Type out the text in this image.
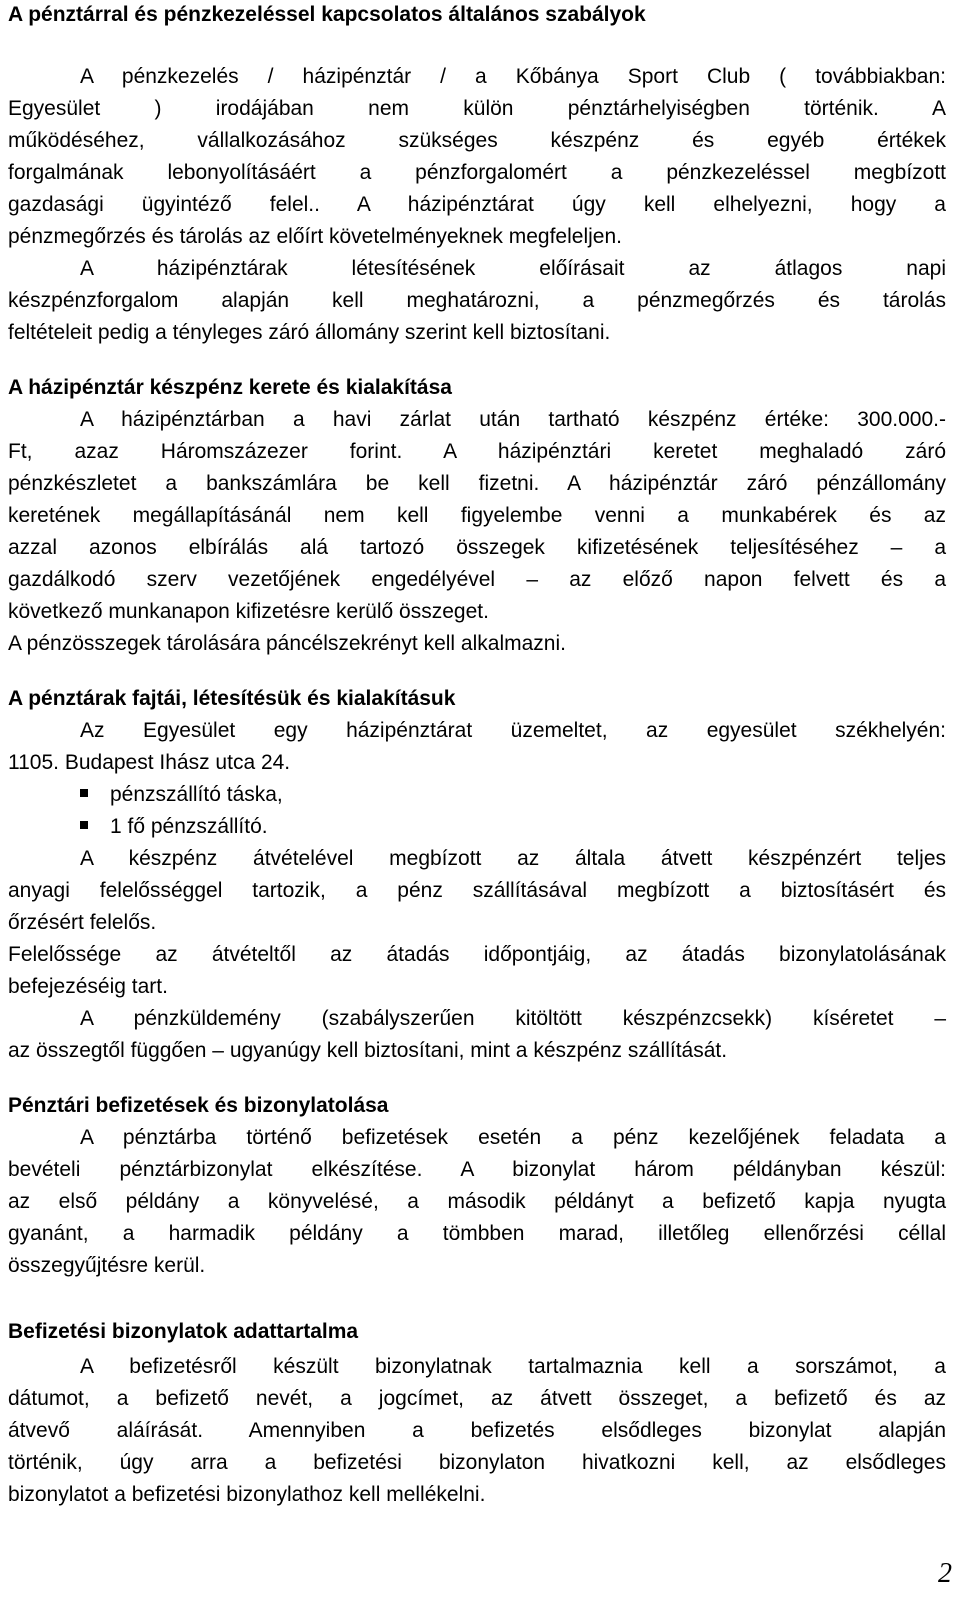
A pénztárral és pénzkezeléssel kapcsolatos általános szabályok
A pénzkezelés / házipénztár / a Kőbánya Sport Club ( továbbiakban:
Egyesület ) irodájában nem külön pénztárhelyiségben történik. A
működéséhez, vállalkozásához szükséges készpénz és egyéb értékek
forgalmának lebonyolításáért a pénzforgalomért a pénzkezeléssel megbízott
gazdasági ügyintéző felel.. A házipénztárat úgy kell elhelyezni, hogy a
pénzmegőrzés és tárolás az előírt követelményeknek megfeleljen.
A házipénztárak létesítésének előírásait az átlagos napi
készpénzforgalom alapján kell meghatározni, a pénzmegőrzés és tárolás
feltételeit pedig a tényleges záró állomány szerint kell biztosítani.
A házipénztár készpénz kerete és kialakítása
A házipénztárban a havi zárlat után tartható készpénz értéke: 300.000.-
Ft, azaz Háromszázezer forint. A házipénztári keretet meghaladó záró
pénzkészletet a bankszámlára be kell fizetni. A házipénztár záró pénzállomány
keretének megállapításánál nem kell figyelembe venni a munkabérek és az
azzal azonos elbírálás alá tartozó összegek kifizetésének teljesítéséhez – a
gazdálkodó szerv vezetőjének engedélyével – az előző napon felvett és a
következő munkanapon kifizetésre kerülő összeget.
A pénzösszegek tárolására páncélszekrényt kell alkalmazni.
A pénztárak fajtái, létesítésük és kialakításuk
Az Egyesület egy házipénztárat üzemeltet, az egyesület székhelyén:
1105. Budapest Ihász utca 24.
pénzszállító táska,
1 fő pénzszállító.
A készpénz átvételével megbízott az általa átvett készpénzért teljes
anyagi felelősséggel tartozik, a pénz szállításával megbízott a biztosításért és
őrzésért felelős.
Felelőssége az átvételtől az átadás időpontjáig, az átadás bizonylatolásának
befejezéséig tart.
A pénzküldemény (szabályszerűen kitöltött készpénzcsekk) kíséretet –
az összegtől függően – ugyanúgy kell biztosítani, mint a készpénz szállítását.
Pénztári befizetések és bizonylatolása
A pénztárba történő befizetések esetén a pénz kezelőjének feladata a
bevételi pénztárbizonylat elkészítése. A bizonylat három példányban készül:
az első példány a könyvelésé, a második példányt a befizető kapja nyugta
gyanánt, a harmadik példány a tömbben marad, illetőleg ellenőrzési céllal
összegyűjtésre kerül.
Befizetési bizonylatok adattartalma
A befizetésről készült bizonylatnak tartalmaznia kell a sorszámot, a
dátumot, a befizető nevét, a jogcímet, az átvett összeget, a befizető és az
átvevő aláírását. Amennyiben a befizetés elsődleges bizonylat alapján
történik, úgy arra a befizetési bizonylaton hivatkozni kell, az elsődleges
bizonylatot a befizetési bizonylathoz kell mellékelni.
2
